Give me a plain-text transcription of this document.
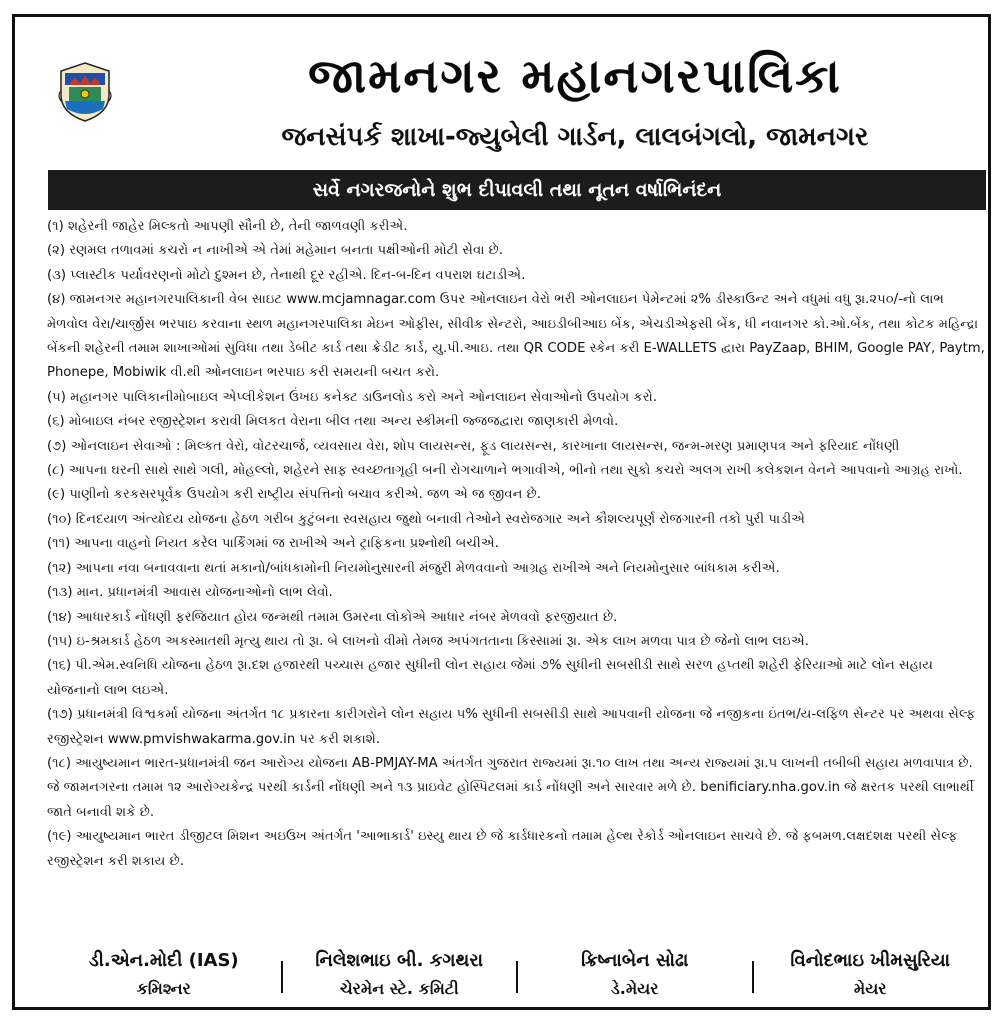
જામનગર મહાનગરપાલિકા
જનસંપર્ક શાખા-જ્યુબેલી ગાર્ડન, લાલબંગલો, જામનગર
સર્વે નગરજનોને શુભ દીપાવલી તથા નૂતન વર્ષાભિનંદન
(૧) શહેરની જાહેર મિલ્કતો આપણી સૌની છે, તેની જાળવણી કરીએ.
(૨) રણમલ તળાવમાં કચરો ન નાખીએ એ તેમાં મહેમાન બનતા પક્ષીઓની મોટી સેવા છે.
(૩) પ્લાસ્ટીક પર્યાવરણનો મોટો દુશ્મન છે, તેનાથી દૂર રહીએ. દિન-બ-દિન વપરાશ ઘટાડીએ.
(૪) જામનગર મહાનગરપાલિકાની વેબ સાઇટ www.mcjamnagar.com ઉપર ઓનલાઇન વેરો ભરી ઓનલાઇન પેમેન્ટમાં ૨% ડીસ્કાઉન્ટ અને વધુમાં વધુ રૂા.૨૫૦/-નો લાભ મેળવોલ વેરા/ચાર્જીસ ભરપાઇ કરવાના સ્થળ મહાનગરપાલિકા મેઇન ઓફીસ, સીવીક સેન્ટરો, આઇડીબીઆઇ બેંક, એચડીએફસી બેંક, ધી નવાનગર કો.ઓ.બેંક, તથા કોટક મહિન્દ્રા બેંકની શહેરની તમામ શાખાઓમાં સુવિધા તથા ડેબીટ કાર્ડ તથા ક્રેડીટ કાર્ડ, યુ.પી.આઇ. તથા QR CODE સ્કેન કરી E-WALLETS દ્વારા PayZaap, BHIM, Google PAY, Paytm, Phonepe, Mobiwik વી.થી ઓનલાઇન ભરપાઇ કરી સમયની બચત કરો.
(૫) મહાનગર પાલિકાનીમોબાઇલ એપ્લીકેશન ઉંખઇ કનેક્ટ ડાઉનલોડ કરો અને ઓનલાઇન સેવાઓનો ઉપયોગ કરો.
(૬) મોબાઇલ નંબર રજીસ્ટ્રેશન કરાવી મિલકત વેરાના બીલ તથા અન્ય સ્કીમની જ્જજદ્વારા જાણકારી મેળવો.
(૭) ઓનલાઇન સેવાઓ : મિલ્કત વેરો, વોટરચાર્જ, વ્યવસાય વેરા, શોપ લાયસન્સ, ફૂડ લાયસન્સ, કારખાના લાયસન્સ, જન્મ-મરણ પ્રમાણપત્ર અને ફરિયાદ નોંધણી
(૮) આપના ઘરની સાથે સાથે ગલી, મોહલ્લો, શહેરને સાફ સ્વચ્છતાગૃહી બની રોગચાળાને ભગાવીએ, ભીનો તથા સુકો કચરો અલગ રાખી કલેકશન વેનને આપવાનો આગ્રહ રાખો.
(૯) પાણીનો કરકસરપૂર્વક ઉપયોગ કરી રાષ્ટ્રીય સંપત્તિનો બચાવ કરીએ. જળ એ જ જીવન છે.
(૧૦) દિનદયાળ અંત્યોદય યોજના હેઠળ ગરીબ કુટુંબના સ્વસહાય જુથો બનાવી તેઓને સ્વરોજગાર અને કૌશલ્યપૂર્ણ રોજગારની તકો પુરી પાડીએ
(૧૧) આપના વાહનો નિયત કરેલ પાર્કિંગમાં જ રાખીએ અને ટ્રાફિકના પ્રશ્નોથી બચીએ.
(૧૨) આપના નવા બનાવવાના થતાં મકાનો/બાંધકામોની નિયમોનુસારની મંજુરી મેળવવાનો આગ્રહ રાખીએ અને નિયમોનુસાર બાંધકામ કરીએ.
(૧૩) માન. પ્રધાનમંત્રી આવાસ યોજનાઓનો લાભ લેવો.
(૧૪) આધારકાર્ડ નોંધણી ફરજિયાત હોય જન્મથી તમામ ઉમરના લોકોએ આધાર નંબર મેળવવો ફરજીયાત છે.
(૧૫) ઇ-શ્રમકાર્ડ હેઠળ અકસ્માતથી મૃત્યુ થાય તો રૂા. બે લાખનો વીમો તેમજ અપંગતતાના કિસ્સામાં રૂા. એક લાખ મળવા પાત્ર છે જેનો લાભ લઇએ.
(૧૬) પી.એમ.સ્વનિધિ યોજના હેઠળ રૂા.દશ હજારથી પચ્ચાસ હજાર સુધીની લોન સહાય જેમાં ૭% સુધીની સબસીડી સાથે સરળ હપ્તથી શહેરી ફેરિયાઓ માટે લોન સહાય યોજનાનો લાભ લઇએ.
(૧૭) પ્રધાનમંત્રી વિશ્વકર્મા યોજના અંતર્ગત ૧૮ પ્રકારના કારીગરોને લોન સહાય ૫% સુધીની સબસીડી સાથે આપવાની યોજના જે નજીકના ઇંતભ/ય-લફિળ સેન્ટર પર અથવા સેલ્ફ રજીસ્ટ્રેશન www.pmvishwakarma.gov.in પર કરી શકાશે.
(૧૮) આયુષ્યમાન ભારત-પ્રધાનમંત્રી જન આરોગ્ય યોજના AB-PMJAY-MA અંતર્ગત ગુજરાત રાજ્યમાં રૂા.૧૦ લાખ તથા અન્ય રાજ્યમાં રૂા.૫ લાખની તબીબી સહાય મળવાપાત્ર છે. જે જામનગરના તમામ ૧૨ આરોગ્યકેન્દ્ર પરથી કાર્ડની નોંધણી અને ૧૩ પ્રાઇવેટ હોસ્પિટલમાં કાર્ડ નોંધણી અને સારવાર મળે છે. benificiary.nha.gov.in જે ક્ષરતક પરથી લાભાર્થી જાતે બનાવી શકે છે.
(૧૯) આયુષ્યમાન ભારત ડીજીટલ મિશન અઇઉખ અંતર્ગત 'આભાકાર્ડ' ઇસ્યુ થાય છે જે કાર્ડધારકનો તમામ હેલ્થ રેકોર્ડ ઓનલાઇન સાચવે છે. જે ફબમળ.લક્ષદશક્ષ પરથી સેલ્ફ રજીસ્ટ્રેશન કરી શકાય છે.
ડી.એન.મોદી (IAS)
કમિશ્નર
નિલેશભાઇ બી. કગથરા
ચેરમેન સ્ટે. કમિટી
ક્રિષ્નાબેન સોઢા
ડે.મેયર
વિનોદભાઇ ખીમસુરિયા
મેયર
